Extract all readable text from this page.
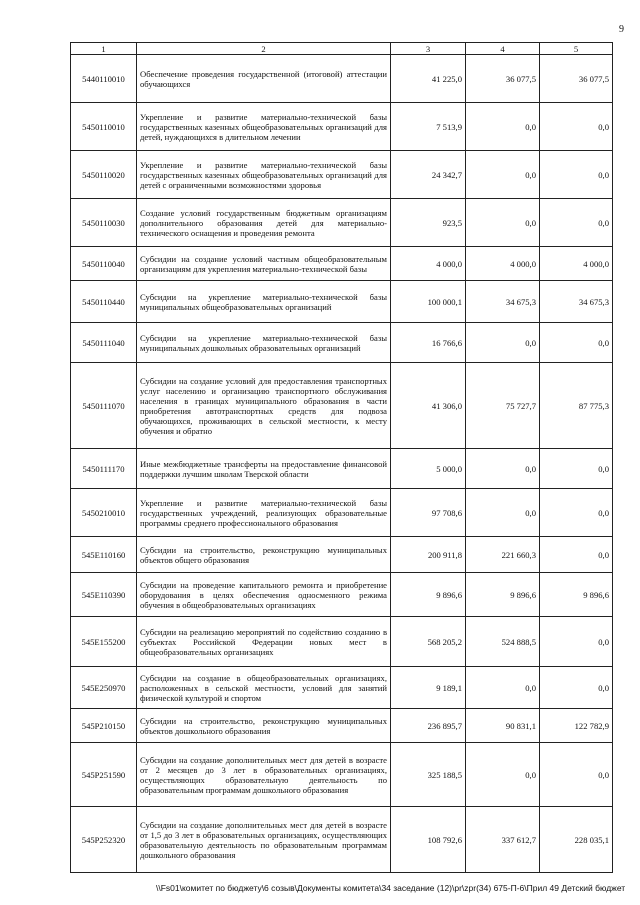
9
1	2	3	4	5
5440110010	Обеспечение проведения государственной (итоговой) аттестации обучающихся	41 225,0	36 077,5	36 077,5
5450110010	Укрепление и развитие материально-технической базы государственных казенных общеобразовательных организаций для детей, нуждающихся в длительном лечении	7 513,9	0,0	0,0
5450110020	Укрепление и развитие материально-технической базы государственных казенных общеобразовательных организаций для детей с ограниченными возможностями здоровья	24 342,7	0,0	0,0
5450110030	Создание условий государственным бюджетным организациям дополнительного образования детей для материально-технического оснащения и проведения ремонта	923,5	0,0	0,0
5450110040	Субсидии на создание условий частным общеобразовательным организациям для укрепления материально-технической базы	4 000,0	4 000,0	4 000,0
5450110440	Субсидии на укрепление материально-технической базы муниципальных общеобразовательных организаций	100 000,1	34 675,3	34 675,3
5450111040	Субсидии на укрепление материально-технической базы муниципальных дошкольных образовательных организаций	16 766,6	0,0	0,0
5450111070	Субсидии на создание условий для предоставления транспортных услуг населению и организацию транспортного обслуживания населения в границах муниципального образования в части приобретения автотранспортных средств для подвоза обучающихся, проживающих в сельской местности, к месту обучения и обратно	41 306,0	75 727,7	87 775,3
5450111170	Иные межбюджетные трансферты на предоставление финансовой поддержки лучшим школам Тверской области	5 000,0	0,0	0,0
5450210010	Укрепление и развитие материально-технической базы государственных учреждений, реализующих образовательные программы среднего профессионального образования	97 708,6	0,0	0,0
545E110160	Субсидии на строительство, реконструкцию муниципальных объектов общего образования	200 911,8	221 660,3	0,0
545E110390	Субсидии на проведение капитального ремонта и приобретение оборудования в целях обеспечения односменного режима обучения в общеобразовательных организациях	9 896,6	9 896,6	9 896,6
545E155200	Субсидии на реализацию мероприятий по содействию созданию в субъектах Российской Федерации новых мест в общеобразовательных организациях	568 205,2	524 888,5	0,0
545E250970	Субсидии на создание в общеобразовательных организациях, расположенных в сельской местности, условий для занятий физической культурой и спортом	9 189,1	0,0	0,0
545P210150	Субсидии на строительство, реконструкцию муниципальных объектов дошкольного образования	236 895,7	90 831,1	122 782,9
545P251590	Субсидии на создание дополнительных мест для детей в возрасте от 2 месяцев до 3 лет в образовательных организациях, осуществляющих образовательную деятельность по образовательным программам дошкольного образования	325 188,5	0,0	0,0
545P252320	Субсидии на создание дополнительных мест для детей в возрасте от 1,5 до 3 лет в образовательных организациях, осуществляющих образовательную деятельность по образовательным программам дошкольного образования	108 792,6	337 612,7	228 035,1
\\Fs01\комитет по бюджету\6 созыв\Документы комитета\34 заседание (12)\pr\zpr(34) 675-П-6\Прил 49 Детский бюджет
